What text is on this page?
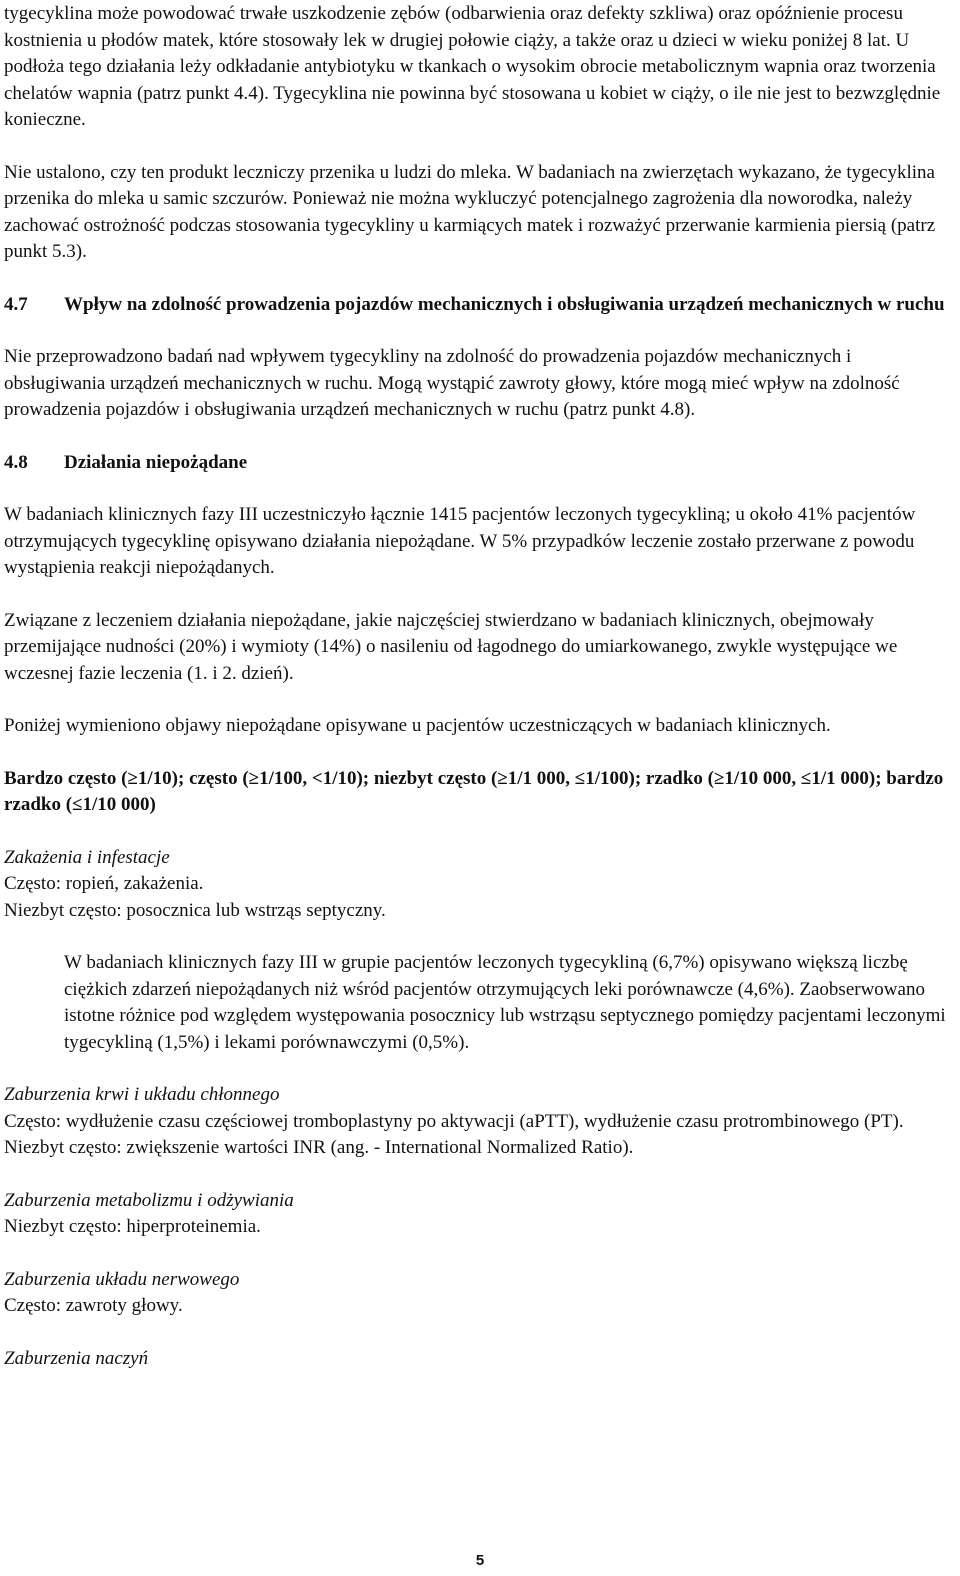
tygecyklina może powodować trwałe uszkodzenie zębów (odbarwienia oraz defekty szkliwa) oraz opóźnienie procesu kostnienia u płodów matek, które stosowały lek w drugiej połowie ciąży, a także oraz u dzieci w wieku poniżej 8 lat. U podłoża tego działania leży odkładanie antybiotyku w tkankach o wysokim obrocie metabolicznym wapnia oraz tworzenia chelatów wapnia (patrz punkt 4.4). Tygecyklina nie powinna być stosowana u kobiet w ciąży, o ile nie jest to bezwzględnie konieczne.

Nie ustalono, czy ten produkt leczniczy przenika u ludzi do mleka. W badaniach na zwierzętach wykazano, że tygecyklina przenika do mleka u samic szczurów. Ponieważ nie można wykluczyć potencjalnego zagrożenia dla noworodka, należy zachować ostrożność podczas stosowania tygecykliny u karmiących matek i rozważyć przerwanie karmienia piersią (patrz punkt 5.3).

4.7	Wpływ na zdolność prowadzenia pojazdów mechanicznych i obsługiwania urządzeń mechanicznych w ruchu

Nie przeprowadzono badań nad wpływem tygecykliny na zdolność do prowadzenia pojazdów mechanicznych i obsługiwania urządzeń mechanicznych w ruchu. Mogą wystąpić zawroty głowy, które mogą mieć wpływ na zdolność prowadzenia pojazdów i obsługiwania urządzeń mechanicznych w ruchu (patrz punkt 4.8).

4.8	Działania niepożądane

W badaniach klinicznych fazy III uczestniczyło łącznie 1415 pacjentów leczonych tygecykliną; u około 41% pacjentów otrzymujących tygecyklinę opisywano działania niepożądane. W 5% przypadków leczenie zostało przerwane z powodu wystąpienia reakcji niepożądanych.

Związane z leczeniem działania niepożądane, jakie najczęściej stwierdzano w badaniach klinicznych, obejmowały przemijające nudności (20%) i wymioty (14%) o nasileniu od łagodnego do umiarkowanego, zwykle występujące we wczesnej fazie leczenia (1. i 2. dzień).

Poniżej wymieniono objawy niepożądane opisywane u pacjentów uczestniczących w badaniach klinicznych.

Bardzo często (≥1/10); często (≥1/100, <1/10); niezbyt często (≥1/1 000, ≤1/100); rzadko (≥1/10 000, ≤1/1 000); bardzo rzadko (≤1/10 000)

Zakażenia i infestacje

Często: ropień, zakażenia.

Niezbyt często: posocznica lub wstrząs septyczny.

W badaniach klinicznych fazy III w grupie pacjentów leczonych tygecykliną (6,7%) opisywano większą liczbę ciężkich zdarzeń niepożądanych niż wśród pacjentów otrzymujących leki porównawcze (4,6%). Zaobserwowano istotne różnice pod względem występowania posocznicy lub wstrząsu septycznego pomiędzy pacjentami leczonymi tygecykliną (1,5%) i lekami porównawczymi (0,5%).

Zaburzenia krwi i układu chłonnego

Często: wydłużenie czasu częściowej tromboplastyny po aktywacji (aPTT), wydłużenie czasu protrombinowego (PT).

Niezbyt często: zwiększenie wartości INR (ang. - International Normalized Ratio).

Zaburzenia metabolizmu i odżywiania

Niezbyt często: hiperproteinemia.

Zaburzenia układu nerwowego

Często: zawroty głowy.

Zaburzenia naczyń

5
